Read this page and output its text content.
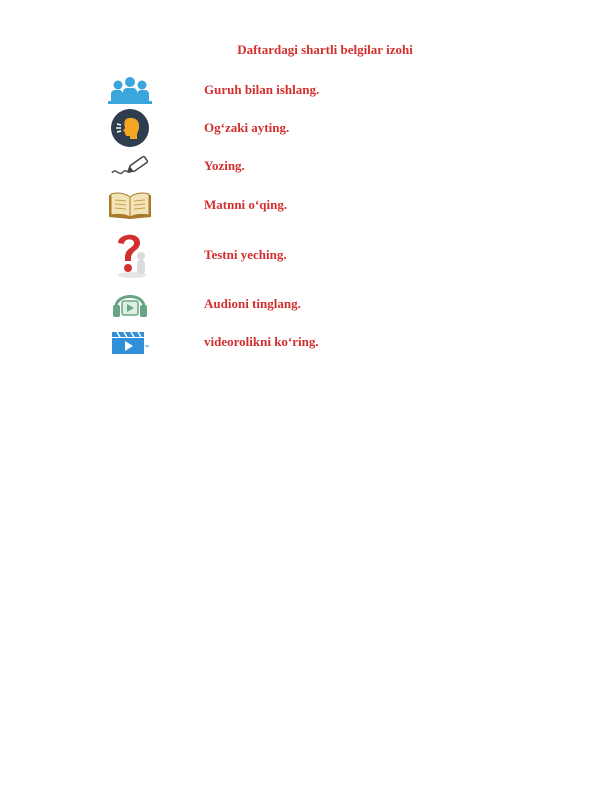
Daftardagi shartli belgilar izohi
Guruh bilan ishlang.
Og‘zaki ayting.
Yozing.
Matnni o‘qing.
Testni yeching.
Audioni tinglang.
videorolikni ko‘ring.
